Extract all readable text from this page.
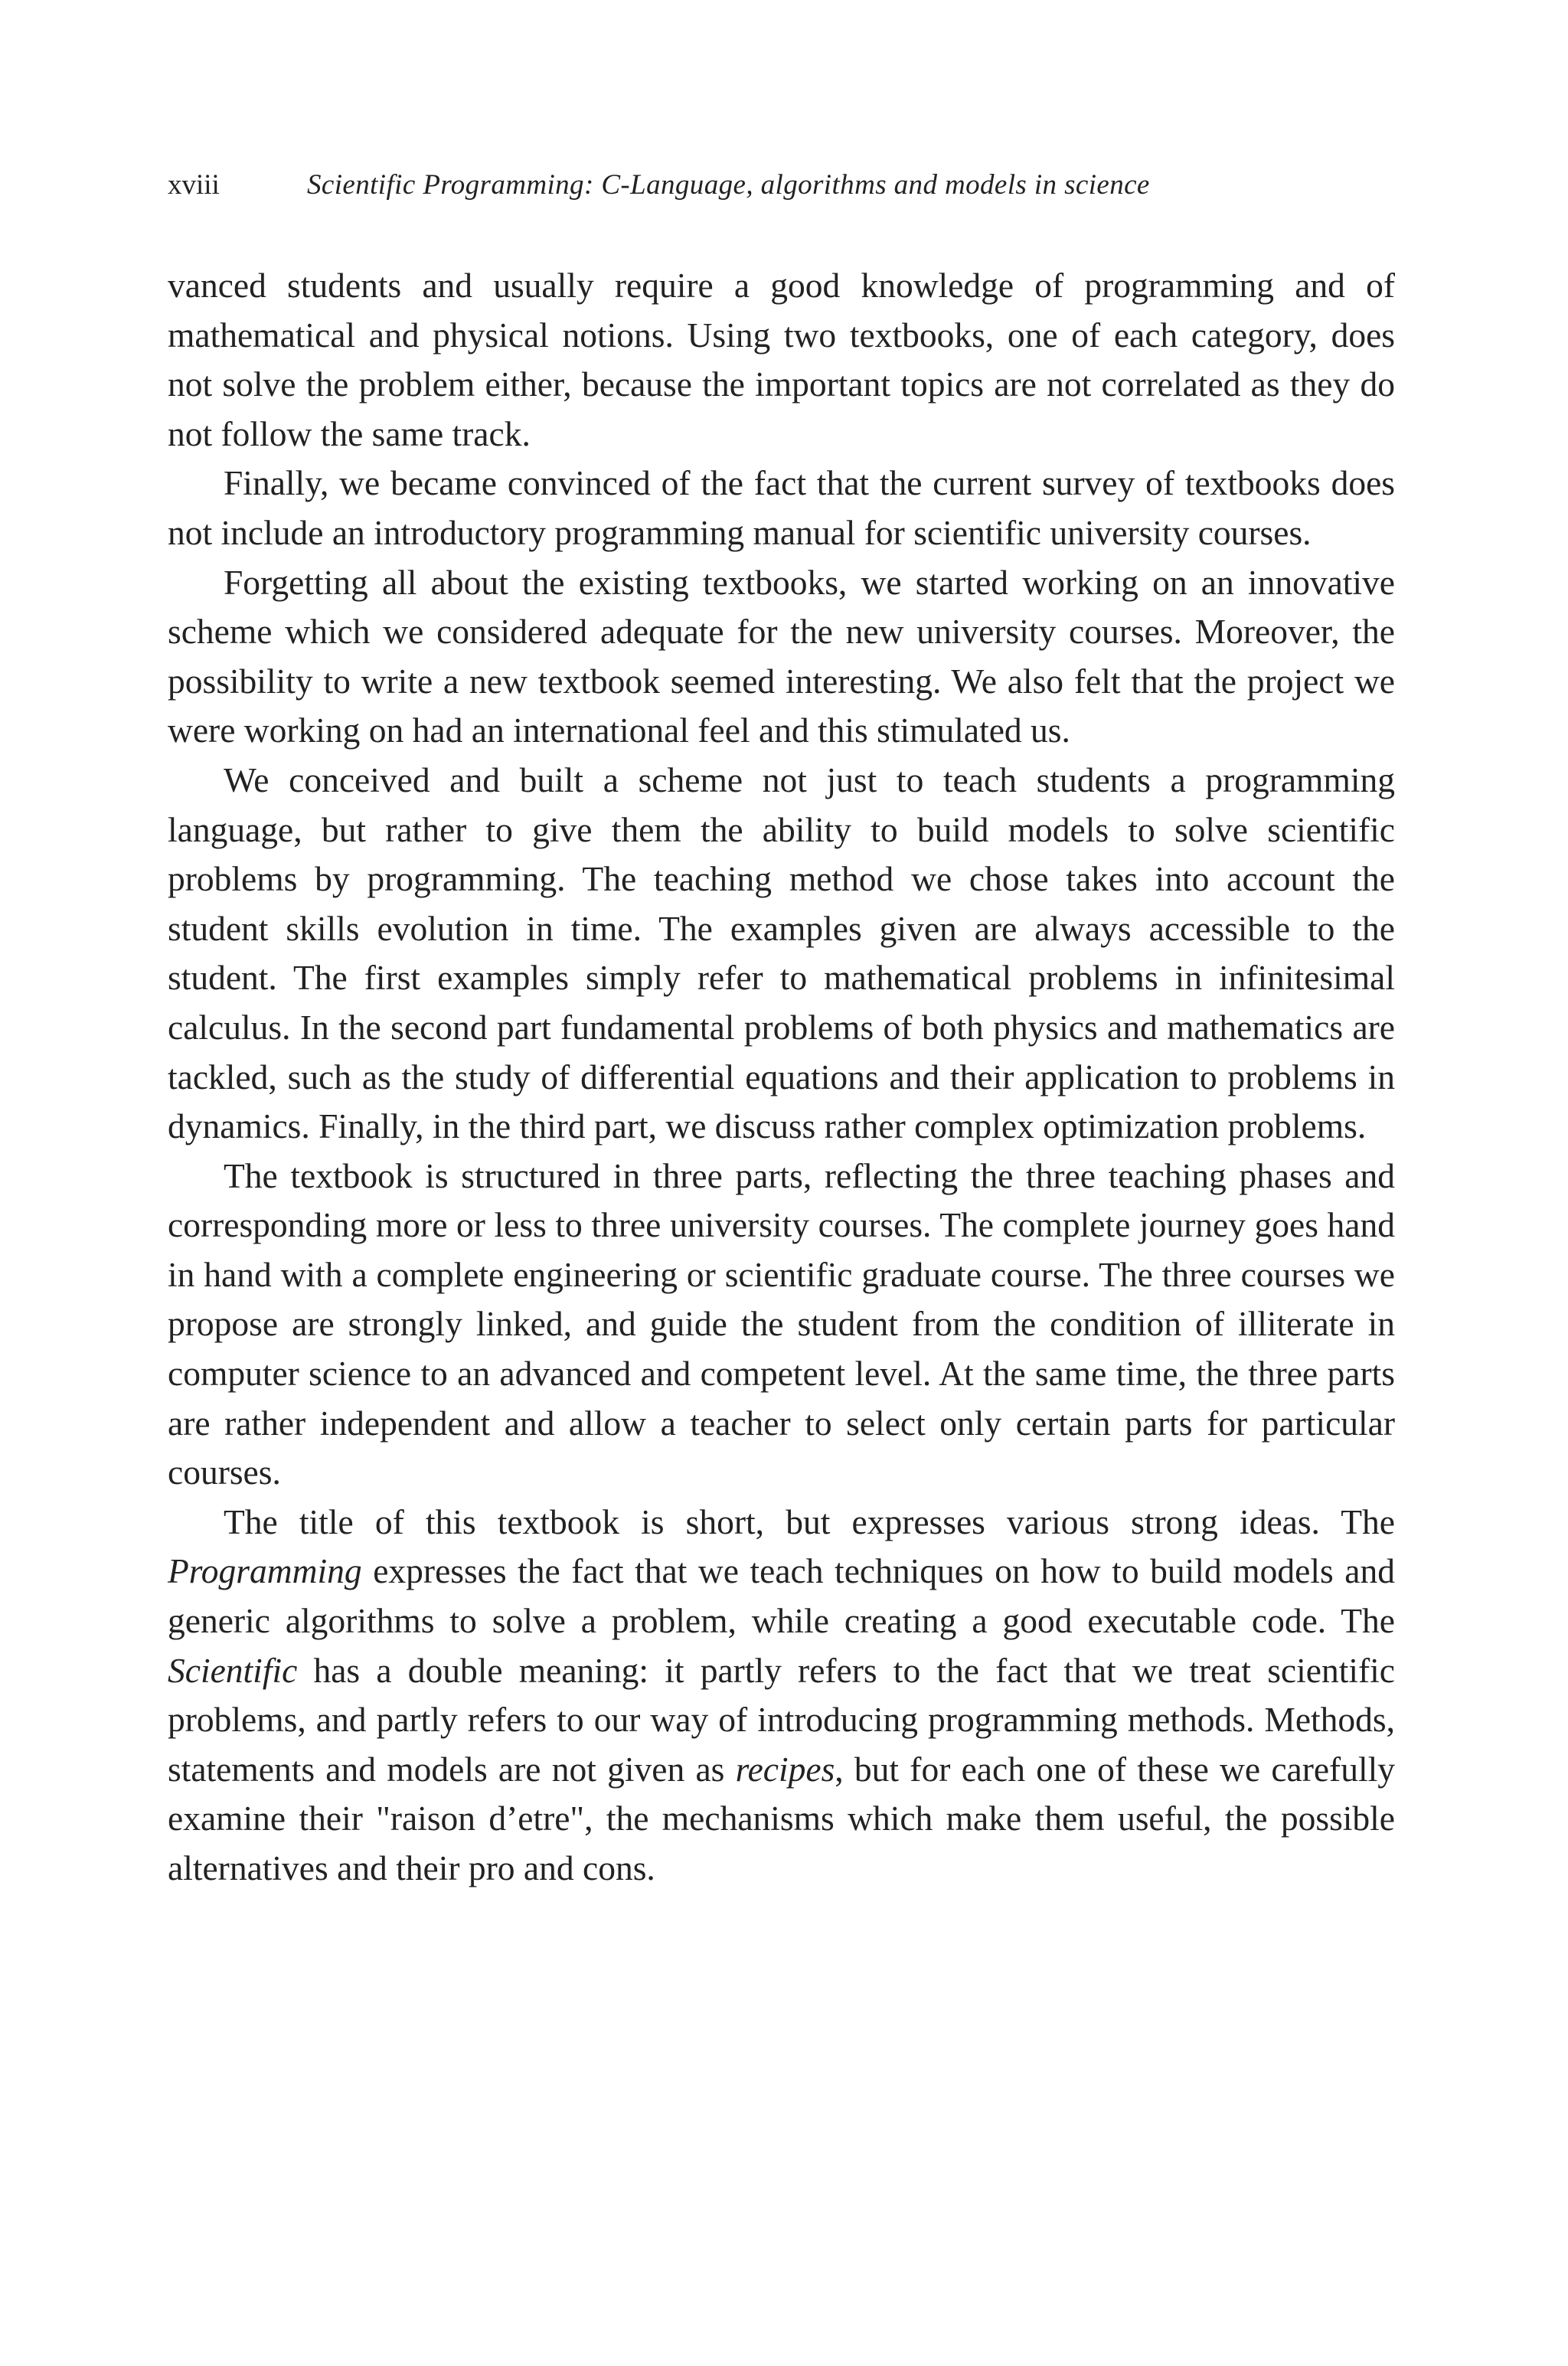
xviii	Scientific Programming: C-Language, algorithms and models in science

vanced students and usually require a good knowledge of programming and of mathematical and physical notions. Using two textbooks, one of each category, does not solve the problem either, because the important topics are not correlated as they do not follow the same track.

Finally, we became convinced of the fact that the current survey of textbooks does not include an introductory programming manual for scientific university courses.

Forgetting all about the existing textbooks, we started working on an innovative scheme which we considered adequate for the new university courses. Moreover, the possibility to write a new textbook seemed interesting. We also felt that the project we were working on had an international feel and this stimulated us.

We conceived and built a scheme not just to teach students a programming language, but rather to give them the ability to build models to solve scientific problems by programming. The teaching method we chose takes into account the student skills evolution in time. The examples given are always accessible to the student. The first examples simply refer to mathematical problems in infinitesimal calculus. In the second part fundamental problems of both physics and mathematics are tackled, such as the study of differential equations and their application to problems in dynamics. Finally, in the third part, we discuss rather complex optimization problems.

The textbook is structured in three parts, reflecting the three teaching phases and corresponding more or less to three university courses. The complete journey goes hand in hand with a complete engineering or scientific graduate course. The three courses we propose are strongly linked, and guide the student from the condition of illiterate in computer science to an advanced and competent level. At the same time, the three parts are rather independent and allow a teacher to select only certain parts for particular courses.

The title of this textbook is short, but expresses various strong ideas. The Programming expresses the fact that we teach techniques on how to build models and generic algorithms to solve a problem, while creating a good executable code. The Scientific has a double meaning: it partly refers to the fact that we treat scientific problems, and partly refers to our way of introducing programming methods. Methods, statements and models are not given as recipes, but for each one of these we carefully examine their "raison d’etre", the mechanisms which make them useful, the possible alternatives and their pro and cons.
